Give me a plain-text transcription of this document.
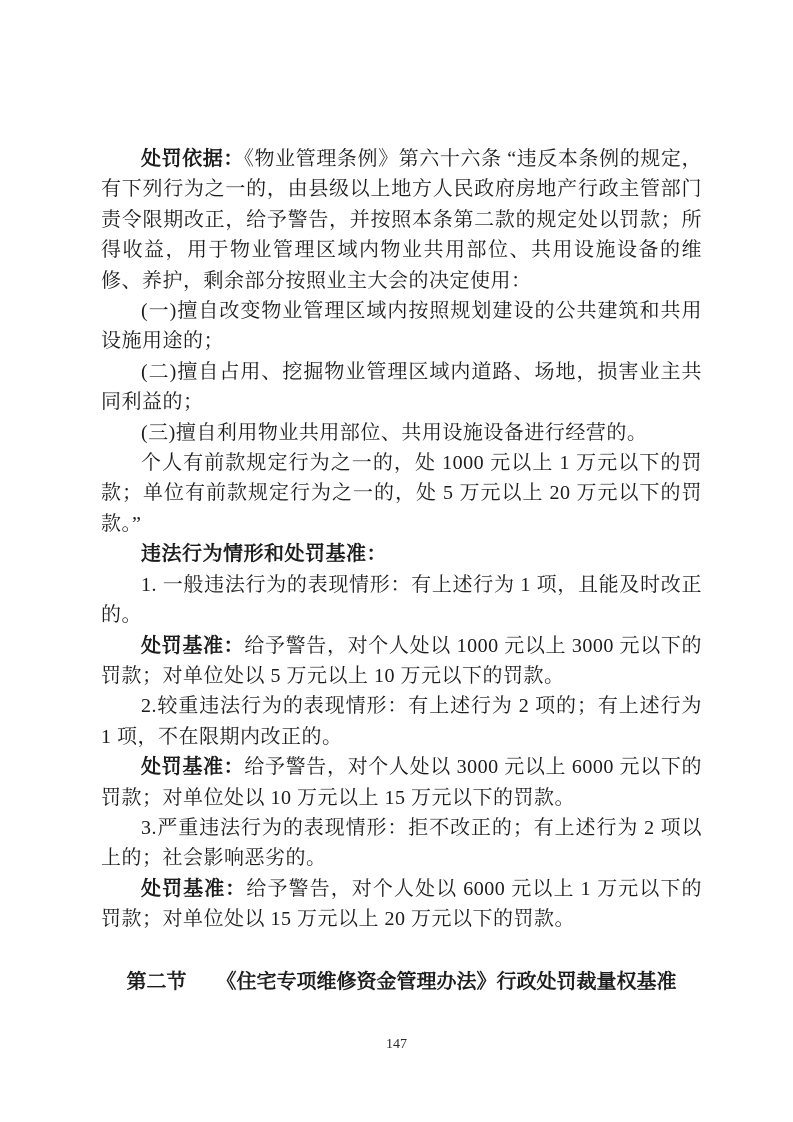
处罚依据：《物业管理条例》第六十六条 “违反本条例的规定，有下列行为之一的，由县级以上地方人民政府房地产行政主管部门责令限期改正，给予警告，并按照本条第二款的规定处以罚款；所得收益，用于物业管理区域内物业共用部位、共用设施设备的维修、养护，剩余部分按照业主大会的决定使用：

(一)擅自改变物业管理区域内按照规划建设的公共建筑和共用设施用途的；

(二)擅自占用、挖掘物业管理区域内道路、场地，损害业主共同利益的；

(三)擅自利用物业共用部位、共用设施设备进行经营的。

个人有前款规定行为之一的，处 1000 元以上 1 万元以下的罚款；单位有前款规定行为之一的，处 5 万元以上 20 万元以下的罚款。”

违法行为情形和处罚基准：

1. 一般违法行为的表现情形：有上述行为 1 项，且能及时改正的。

处罚基准：给予警告，对个人处以 1000 元以上 3000 元以下的罚款；对单位处以 5 万元以上 10 万元以下的罚款。

2.较重违法行为的表现情形：有上述行为 2 项的；有上述行为 1 项，不在限期内改正的。

处罚基准：给予警告，对个人处以 3000 元以上 6000 元以下的罚款；对单位处以 10 万元以上 15 万元以下的罚款。

3.严重违法行为的表现情形：拒不改正的；有上述行为 2 项以上的；社会影响恶劣的。

处罚基准：给予警告，对个人处以 6000 元以上 1 万元以下的罚款；对单位处以 15 万元以上 20 万元以下的罚款。

第二节　　《住宅专项维修资金管理办法》行政处罚裁量权基准
147
